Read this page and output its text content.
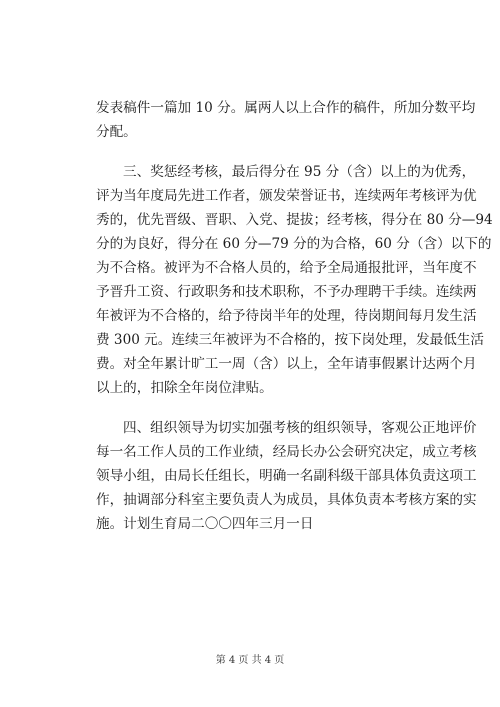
发表稿件一篇加 10 分。属两人以上合作的稿件，所加分数平均
分配。
三、奖惩经考核，最后得分在 95 分（含）以上的为优秀，
评为当年度局先进工作者，颁发荣誉证书，连续两年考核评为优
秀的，优先晋级、晋职、入党、提拔；经考核，得分在 80 分—94
分的为良好，得分在 60 分—79 分的为合格，60 分（含）以下的
为不合格。被评为不合格人员的，给予全局通报批评，当年度不
予晋升工资、行政职务和技术职称，不予办理聘干手续。连续两
年被评为不合格的，给予待岗半年的处理，待岗期间每月发生活
费 300 元。连续三年被评为不合格的，按下岗处理，发最低生活
费。对全年累计旷工一周（含）以上，全年请事假累计达两个月
以上的，扣除全年岗位津贴。
四、组织领导为切实加强考核的组织领导，客观公正地评价
每一名工作人员的工作业绩，经局长办公会研究决定，成立考核
领导小组，由局长任组长，明确一名副科级干部具体负责这项工
作，抽调部分科室主要负责人为成员，具体负责本考核方案的实
施。计划生育局二〇〇四年三月一日
第 4 页 共 4 页
